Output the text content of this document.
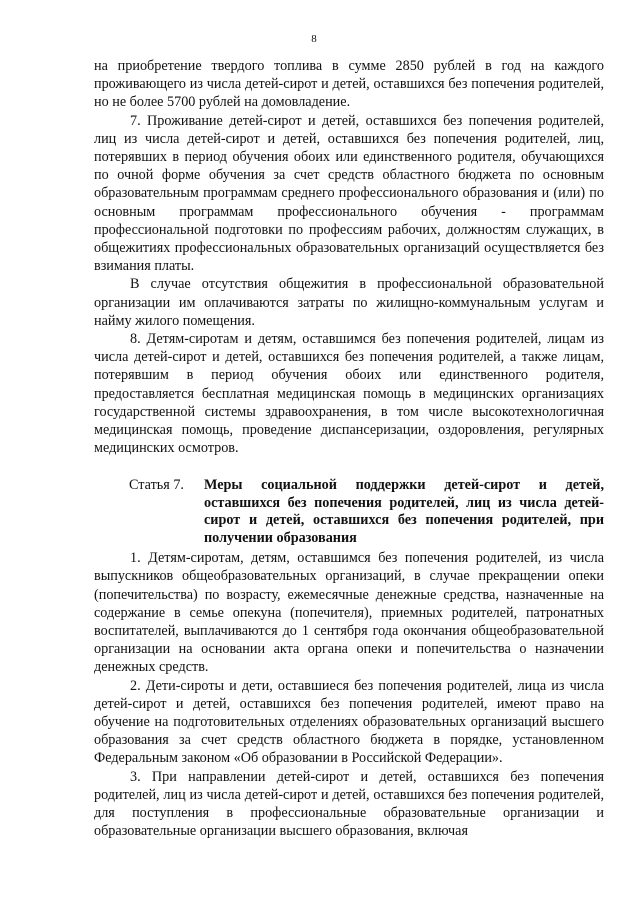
8

на приобретение твердого топлива в сумме 2850 рублей в год на каждого проживающего из числа детей-сирот и детей, оставшихся без попечения родителей, но не более 5700 рублей на домовладение.

7. Проживание детей-сирот и детей, оставшихся без попечения родителей, лиц из числа детей-сирот и детей, оставшихся без попечения родителей, лиц, потерявших в период обучения обоих или единственного родителя, обучающихся по очной форме обучения за счет средств областного бюджета по основным образовательным программам среднего профессионального образования и (или) по основным программам профессионального обучения - программам профессиональной подготовки по профессиям рабочих, должностям служащих, в общежитиях профессиональных образовательных организаций осуществляется без взимания платы.

В случае отсутствия общежития в профессиональной образовательной организации им оплачиваются затраты по жилищно-коммунальным услугам и найму жилого помещения.

8. Детям-сиротам и детям, оставшимся без попечения родителей, лицам из числа детей-сирот и детей, оставшихся без попечения родителей, а также лицам, потерявшим в период обучения обоих или единственного родителя, предоставляется бесплатная медицинская помощь в медицинских организациях государственной системы здравоохранения, в том числе высокотехнологичная медицинская помощь, проведение диспансеризации, оздоровления, регулярных медицинских осмотров.

Статья 7.	Меры социальной поддержки детей-сирот и детей, оставшихся без попечения родителей, лиц из числа детей-сирот и детей, оставшихся без попечения родителей, при получении образования

1. Детям-сиротам, детям, оставшимся без попечения родителей, из числа выпускников общеобразовательных организаций, в случае прекращении опеки (попечительства) по возрасту, ежемесячные денежные средства, назначенные на содержание в семье опекуна (попечителя), приемных родителей, патронатных воспитателей, выплачиваются до 1 сентября года окончания общеобразовательной организации на основании акта органа опеки и попечительства о назначении денежных средств.

2. Дети-сироты и дети, оставшиеся без попечения родителей, лица из числа детей-сирот и детей, оставшихся без попечения родителей, имеют право на обучение на подготовительных отделениях образовательных организаций высшего образования за счет средств областного бюджета в порядке, установленном Федеральным законом «Об образовании в Российской Федерации».

3. При направлении детей-сирот и детей, оставшихся без попечения родителей, лиц из числа детей-сирот и детей, оставшихся без попечения родителей, для поступления в профессиональные образовательные организации и образовательные организации высшего образования, включая
